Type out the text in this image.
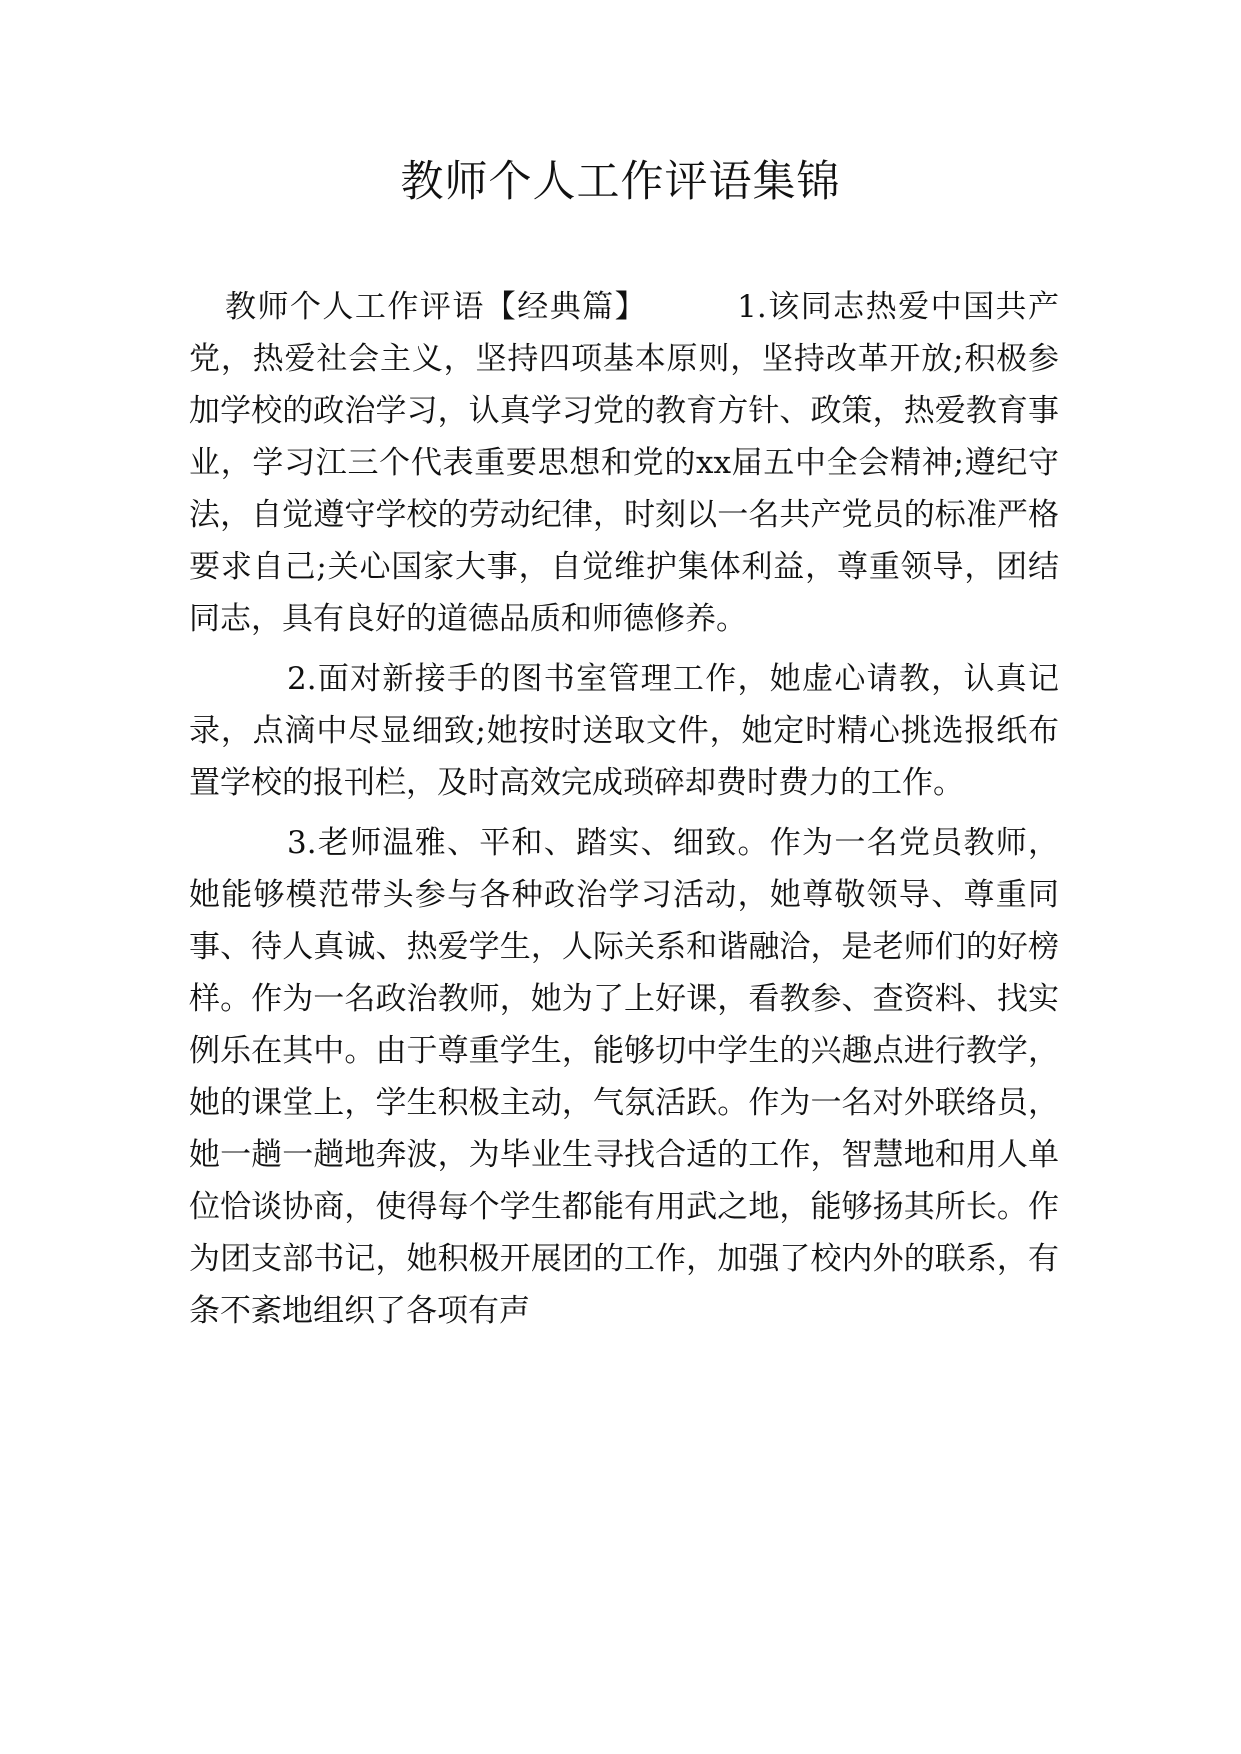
教师个人工作评语集锦

教师个人工作评语【经典篇】	1.该同志热爱中国共产党，热爱社会主义，坚持四项基本原则，坚持改革开放;积极参加学校的政治学习，认真学习党的教育方针、政策，热爱教育事业，学习江三个代表重要思想和党的xx届五中全会精神;遵纪守法，自觉遵守学校的劳动纪律，时刻以一名共产党员的标准严格要求自己;关心国家大事，自觉维护集体利益，尊重领导，团结同志，具有良好的道德品质和师德修养。

2.面对新接手的图书室管理工作，她虚心请教，认真记录，点滴中尽显细致;她按时送取文件，她定时精心挑选报纸布置学校的报刊栏，及时高效完成琐碎却费时费力的工作。

3.老师温雅、平和、踏实、细致。作为一名党员教师，她能够模范带头参与各种政治学习活动，她尊敬领导、尊重同事、待人真诚、热爱学生，人际关系和谐融洽，是老师们的好榜样。作为一名政治教师，她为了上好课，看教参、查资料、找实例乐在其中。由于尊重学生，能够切中学生的兴趣点进行教学，她的课堂上，学生积极主动，气氛活跃。作为一名对外联络员，她一趟一趟地奔波，为毕业生寻找合适的工作，智慧地和用人单位恰谈协商，使得每个学生都能有用武之地，能够扬其所长。作为团支部书记，她积极开展团的工作，加强了校内外的联系，有条不紊地组织了各项有声
